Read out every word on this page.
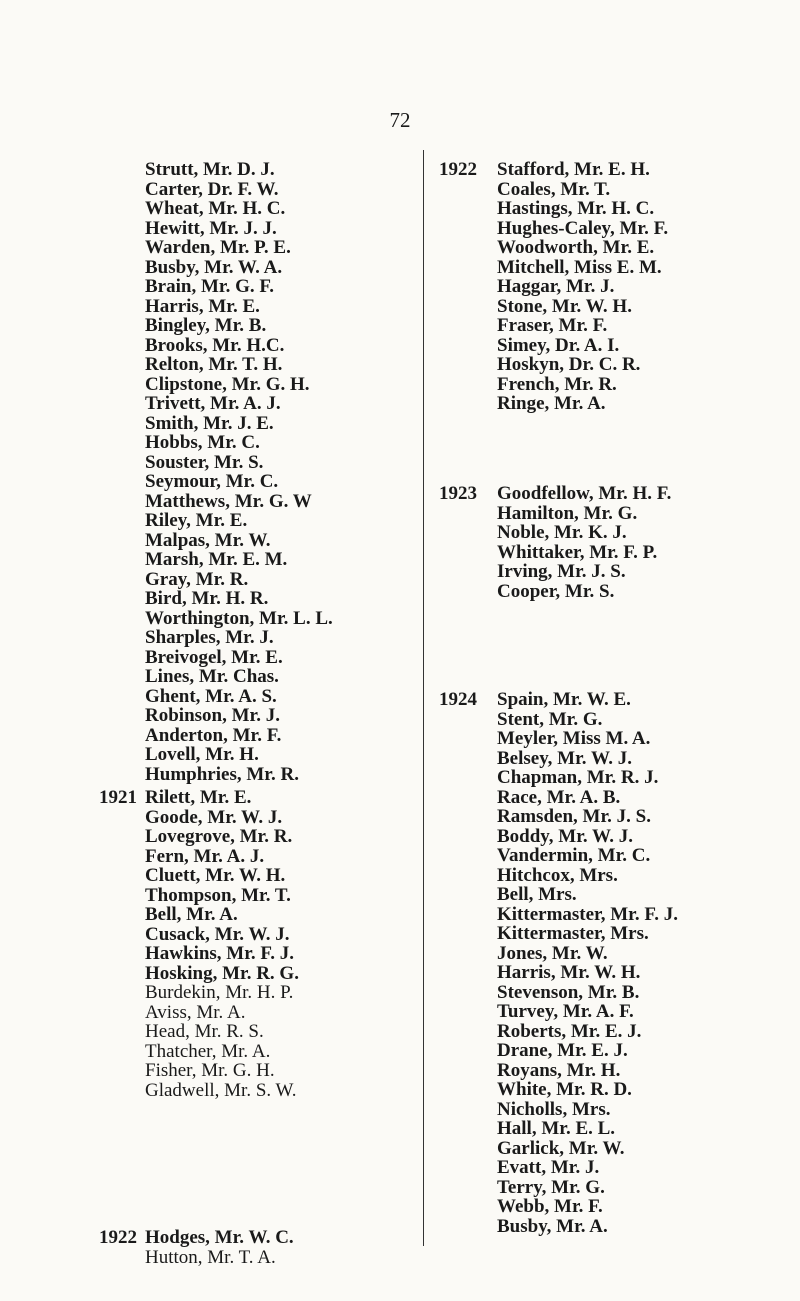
72
Strutt, Mr. D. J.
Carter, Dr. F. W.
Wheat, Mr. H. C.
Hewitt, Mr. J. J.
Warden, Mr. P. E.
Busby, Mr. W. A.
Brain, Mr. G. F.
Harris, Mr. E.
Bingley, Mr. B.
Brooks, Mr. H.C.
Relton, Mr. T. H.
Clipstone, Mr. G. H.
Trivett, Mr. A. J.
Smith, Mr. J. E.
Hobbs, Mr. C.
Souster, Mr. S.
Seymour, Mr. C.
Matthews, Mr. G. W
Riley, Mr. E.
Malpas, Mr. W.
Marsh, Mr. E. M.
Gray, Mr. R.
Bird, Mr. H. R.
Worthington, Mr. L. L.
Sharples, Mr. J.
Breivogel, Mr. E.
Lines, Mr. Chas.
Ghent, Mr. A. S.
Robinson, Mr. J.
Anderton, Mr. F.
Lovell, Mr. H.
Humphries, Mr. R.
1921 Rilett, Mr. E.
Goode, Mr. W. J.
Lovegrove, Mr. R.
Fern, Mr. A. J.
Cluett, Mr. W. H.
Thompson, Mr. T.
Bell, Mr. A.
Cusack, Mr. W. J.
Hawkins, Mr. F. J.
Hosking, Mr. R. G.
Burdekin, Mr. H. P.
Aviss, Mr. A.
Head, Mr. R. S.
Thatcher, Mr. A.
Fisher, Mr. G. H.
Gladwell, Mr. S. W.
1922 Hodges, Mr. W. C.
Hutton, Mr. T. A.
1922 Stafford, Mr. E. H.
Coales, Mr. T.
Hastings, Mr. H. C.
Hughes-Caley, Mr. F.
Woodworth, Mr. E.
Mitchell, Miss E. M.
Haggar, Mr. J.
Stone, Mr. W. H.
Fraser, Mr. F.
Simey, Dr. A. I.
Hoskyn, Dr. C. R.
French, Mr. R.
Ringe, Mr. A.
1923 Goodfellow, Mr. H. F.
Hamilton, Mr. G.
Noble, Mr. K. J.
Whittaker, Mr. F. P.
Irving, Mr. J. S.
Cooper, Mr. S.
1924 Spain, Mr. W. E.
Stent, Mr. G.
Meyler, Miss M. A.
Belsey, Mr. W. J.
Chapman, Mr. R. J.
Race, Mr. A. B.
Ramsden, Mr. J. S.
Boddy, Mr. W. J.
Vandermin, Mr. C.
Hitchcox, Mrs.
Bell, Mrs.
Kittermaster, Mr. F. J.
Kittermaster, Mrs.
Jones, Mr. W.
Harris, Mr. W. H.
Stevenson, Mr. B.
Turvey, Mr. A. F.
Roberts, Mr. E. J.
Drane, Mr. E. J.
Royans, Mr. H.
White, Mr. R. D.
Nicholls, Mrs.
Hall, Mr. E. L.
Garlick, Mr. W.
Evatt, Mr. J.
Terry, Mr. G.
Webb, Mr. F.
Busby, Mr. A.
